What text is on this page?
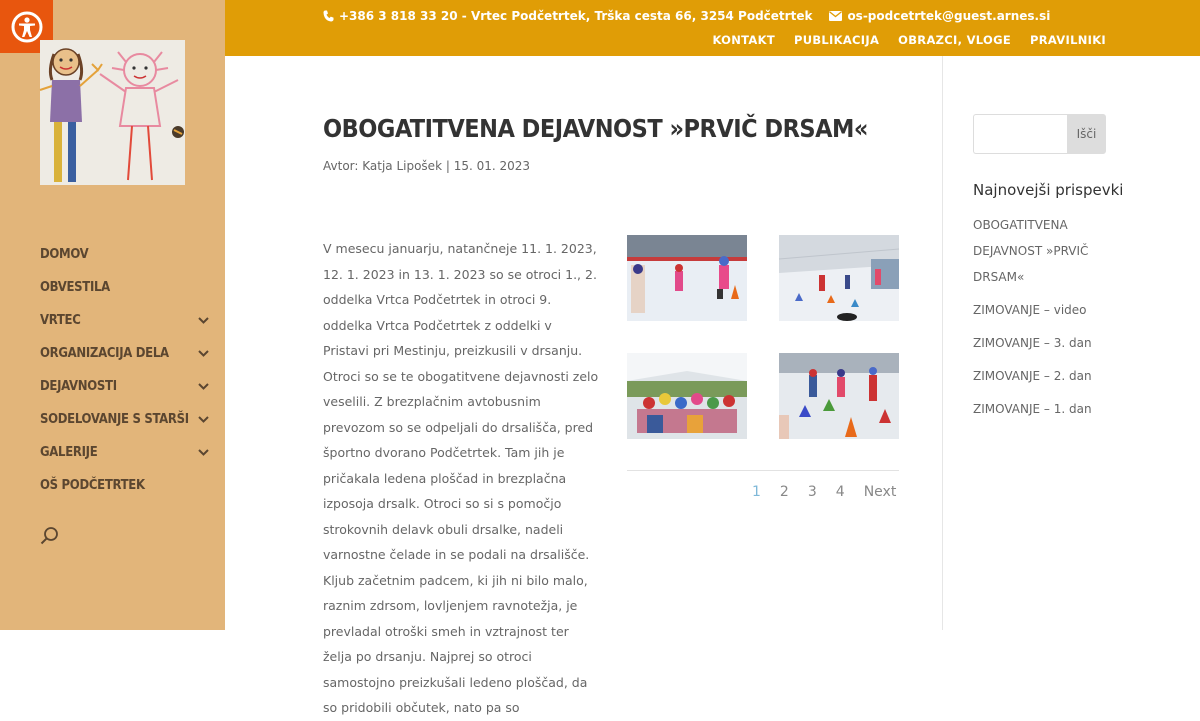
DOMOV
OBVESTILA
VRTEC
ORGANIZACIJA DELA
DEJAVNOSTI
SODELOVANJE S STARŠI
GALERIJE
OŠ PODČETRTEK
+386 3 818 33 20 - Vrtec Podčetrtek, Trška cesta 66, 3254 Podčetrtek	os-podcetrtek@guest.arnes.si
KONTAKT PUBLIKACIJA OBRAZCI, VLOGE PRAVILNIKI
OBOGATITVENA DEJAVNOST »PRVIČ DRSAM«
Avtor: Katja Lipošek | 15. 01. 2023
V mesecu januarju, natančneje 11. 1. 2023, 12. 1. 2023 in 13. 1. 2023 so se otroci 1., 2. oddelka Vrtca Podčetrtek in otroci 9. oddelka Vrtca Podčetrtek z oddelki v Pristavi pri Mestinju, preizkusili v drsanju. Otroci so se te obogatitvene dejavnosti zelo veselili. Z brezplačnim avtobusnim prevozom so se odpeljali do drsališča, pred športno dvorano Podčetrtek. Tam jih je pričakala ledena ploščad in brezplačna izposoja drsalk. Otroci so si s pomočjo strokovnih delavk obuli drsalke, nadeli varnostne čelade in se podali na drsališče. Kljub začetnim padcem, ki jih ni bilo malo, raznim zdrsom, lovljenjem ravnotežja, je prevladal otroški smeh in vztrajnost ter želja po drsanju. Najprej so otroci samostojno preizkušali ledeno ploščad, da so pridobili občutek, nato pa so
1 2 3 4 Next
Išči
Najnovejši prispevki
OBOGATITVENA DEJAVNOST »PRVIČ DRSAM«
ZIMOVANJE – video
ZIMOVANJE – 3. dan
ZIMOVANJE – 2. dan
ZIMOVANJE – 1. dan
